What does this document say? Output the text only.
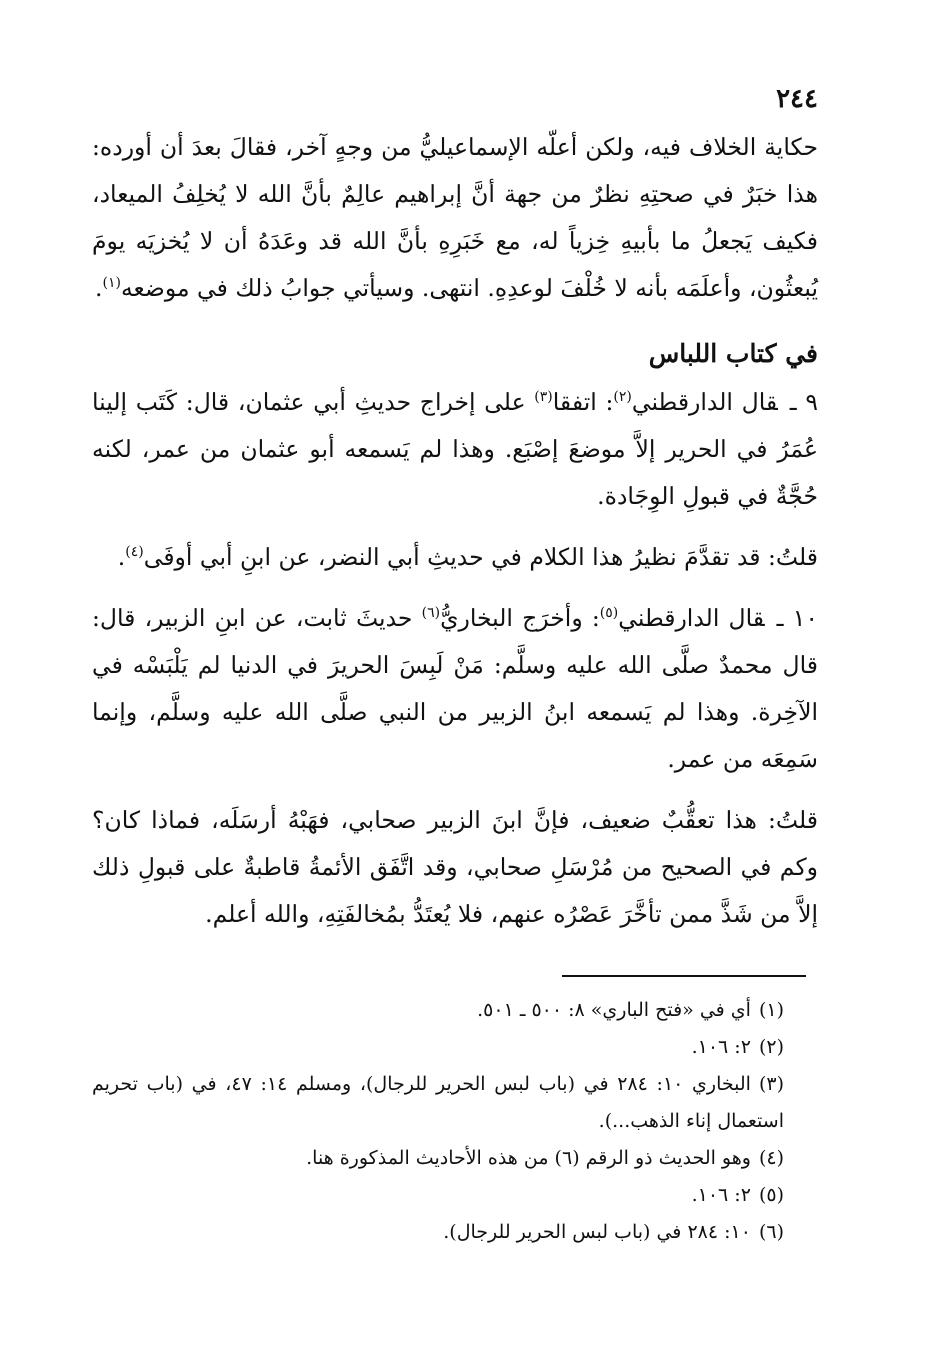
٢٤٤

حكاية الخلاف فيه، ولكن أعلّه الإسماعيليُّ من وجهٍ آخر، فقالَ بعدَ أن أورده: هذا خبَرٌ في صحتِهِ نظرٌ من جهة أنَّ إبراهيم عالِمٌ بأنَّ الله لا يُخلِفُ الميعاد، فكيف يَجعلُ ما بأبيهِ خِزياً له، مع خَبَرِهِ بأنَّ الله قد وعَدَهُ أن لا يُخزيَه يومَ يُبعثُون، وأعلَمَه بأنه لا خُلْفَ لوعدِهِ. انتهى. وسيأتي جوابُ ذلك في موضعه$^{(١)}$.

في كتاب اللباس

٩ ـقال الدارقطني$^{(٢)}$: اتفقا$^{(٣)}$ على إخراج حديثِ أبي عثمان، قال: كَتَب إلينا عُمَرُ في الحرير إلاَّ موضعَ إصْبَع. وهذا لم يَسمعه أبو عثمان من عمر، لكنه حُجَّةٌ في قبولِ الوِجَادة.

قلتُ: قد تقدَّمَ نظيرُ هذا الكلام في حديثِ أبي النضر، عن ابنِ أبي أوفَى$^{(٤)}$.

١٠ ـقال الدارقطني$^{(٥)}$: وأخرَج البخاريُّ$^{(٦)}$ حديثَ ثابت، عن ابنِ الزبير، قال: قال محمدٌ صلَّى الله عليه وسلَّم: مَنْ لَبِسَ الحريرَ في الدنيا لم يَلْبَسْه في الآخِرة. وهذا لم يَسمعه ابنُ الزبير من النبي صلَّى الله عليه وسلَّم، وإنما سَمِعَه من عمر.

قلتُ: هذا تعقُّبٌ ضعيف، فإنَّ ابنَ الزبير صحابي، فهَبْهُ أرسَلَه، فماذا كان؟ وكم في الصحيح من مُرْسَلِ صحابي، وقد اتَّفَق الأئمةُ قاطبةٌ على قبولِ ذلك إلاَّ من شَذَّ ممن تأخَّرَ عَصْرُه عنهم، فلا يُعتَدُّ بمُخالفَتِهِ، والله أعلم.

(١)أي في «فتح الباري» ٨: ٥٠٠ ـ ٥٠١.

(٢)٢: ١٠٦.

(٣)البخاري ١٠: ٢٨٤ في (باب لبس الحرير للرجال)، ومسلم ١٤: ٤٧، في (باب تحريم استعمال إناء الذهب...).

(٤)وهو الحديث ذو الرقم (٦) من هذه الأحاديث المذكورة هنا.

(٥)٢: ١٠٦.

(٦)١٠: ٢٨٤ في (باب لبس الحرير للرجال).
